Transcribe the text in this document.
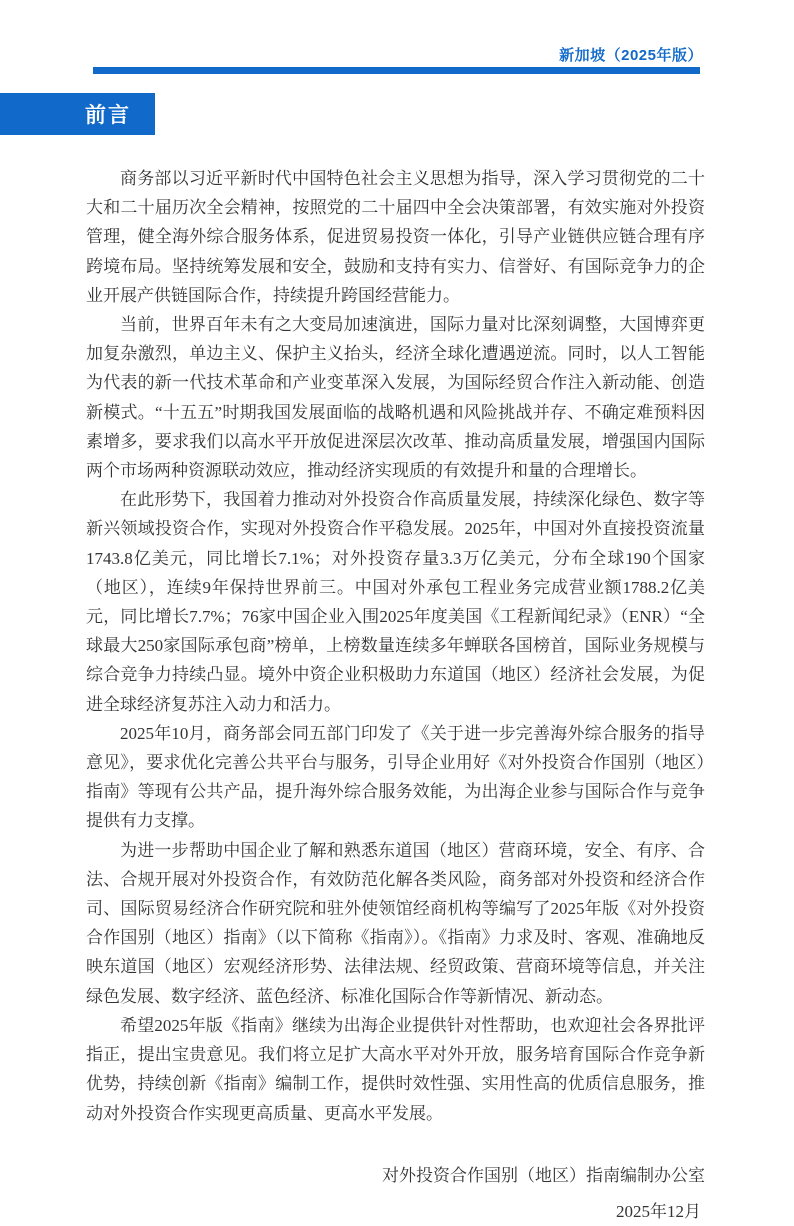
新加坡（2025年版）
前言

商务部以习近平新时代中国特色社会主义思想为指导，深入学习贯彻党的二十大和二十届历次全会精神，按照党的二十届四中全会决策部署，有效实施对外投资管理，健全海外综合服务体系，促进贸易投资一体化，引导产业链供应链合理有序跨境布局。坚持统筹发展和安全，鼓励和支持有实力、信誉好、有国际竞争力的企业开展产供链国际合作，持续提升跨国经营能力。

当前，世界百年未有之大变局加速演进，国际力量对比深刻调整，大国博弈更加复杂激烈，单边主义、保护主义抬头，经济全球化遭遇逆流。同时，以人工智能为代表的新一代技术革命和产业变革深入发展，为国际经贸合作注入新动能、创造新模式。“十五五”时期我国发展面临的战略机遇和风险挑战并存、不确定难预料因素增多，要求我们以高水平开放促进深层次改革、推动高质量发展，增强国内国际两个市场两种资源联动效应，推动经济实现质的有效提升和量的合理增长。

在此形势下，我国着力推动对外投资合作高质量发展，持续深化绿色、数字等新兴领域投资合作，实现对外投资合作平稳发展。2025年，中国对外直接投资流量1743.8亿美元，同比增长7.1%；对外投资存量3.3万亿美元，分布全球190个国家（地区），连续9年保持世界前三。中国对外承包工程业务完成营业额1788.2亿美元，同比增长7.7%；76家中国企业入围2025年度美国《工程新闻纪录》（ENR）“全球最大250家国际承包商”榜单，上榜数量连续多年蝉联各国榜首，国际业务规模与综合竞争力持续凸显。境外中资企业积极助力东道国（地区）经济社会发展，为促进全球经济复苏注入动力和活力。

2025年10月，商务部会同五部门印发了《关于进一步完善海外综合服务的指导意见》，要求优化完善公共平台与服务，引导企业用好《对外投资合作国别（地区）指南》等现有公共产品，提升海外综合服务效能，为出海企业参与国际合作与竞争提供有力支撑。

为进一步帮助中国企业了解和熟悉东道国（地区）营商环境，安全、有序、合法、合规开展对外投资合作，有效防范化解各类风险，商务部对外投资和经济合作司、国际贸易经济合作研究院和驻外使领馆经商机构等编写了2025年版《对外投资合作国别（地区）指南》（以下简称《指南》）。《指南》力求及时、客观、准确地反映东道国（地区）宏观经济形势、法律法规、经贸政策、营商环境等信息，并关注绿色发展、数字经济、蓝色经济、标准化国际合作等新情况、新动态。

希望2025年版《指南》继续为出海企业提供针对性帮助，也欢迎社会各界批评指正，提出宝贵意见。我们将立足扩大高水平对外开放，服务培育国际合作竞争新优势，持续创新《指南》编制工作，提供时效性强、实用性高的优质信息服务，推动对外投资合作实现更高质量、更高水平发展。

对外投资合作国别（地区）指南编制办公室
2025年12月
